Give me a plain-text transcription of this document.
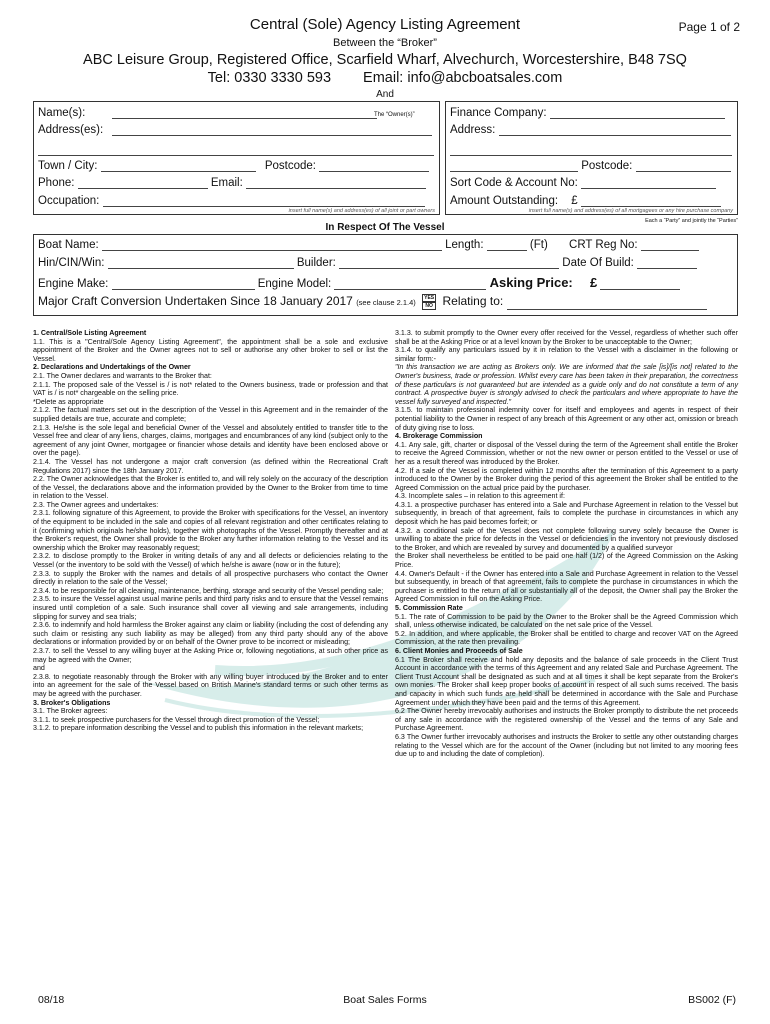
Central (Sole) Agency Listing Agreement	Page 1 of 2
Between the “Broker”
ABC Leisure Group, Registered Office, Scarfield Wharf, Alvechurch, Worcestershire, B48 7SQ
Tel: 0330 3330 593 Email: info@abcboatsales.com
And
Name(s):	The “Owner(s)”
Address(es):
Town / City:	Postcode:
Phone:	Email:
Occupation:
insert full name(s) and address(es) of all joint or part owners
Finance Company:
Address:
Postcode:
Sort Code & Account No:
Amount Outstanding: £
insert full name(s) and address(es) of all mortgagees or any hire purchase company
Each a “Party” and jointly the “Parties”
In Respect Of The Vessel
Boat Name:	Length:	(Ft) CRT Reg No:
Hin/CIN/Win:	Builder:	Date Of Build:
Engine Make:	Engine Model:	Asking Price: £
Major Craft Conversion Undertaken Since 18 January 2017 (see clause 2.1.4)
YES
NO Relating to:
1. Central/Sole Listing Agreement
1.1. This is a "Central/Sole Agency Listing Agreement", the appointment shall be a sole and exclusive appointment of the Broker and the Owner agrees not to sell or authorise any other broker to sell or list the Vessel.
2. Declarations and Undertakings of the Owner
2.1. The Owner declares and warrants to the Broker that:
2.1.1. The proposed sale of the Vessel is / is not* related to the Owners business, trade or profession and that VAT is / is not* chargeable on the selling price.
*Delete as appropriate
2.1.2. The factual matters set out in the description of the Vessel in this Agreement and in the remainder of the supplied details are true, accurate and complete;
2.1.3. He/she is the sole legal and beneficial Owner of the Vessel and absolutely entitled to transfer title to the Vessel free and clear of any liens, charges, claims, mortgages and encumbrances of any kind (subject only to the agreement of any joint Owner, mortgagee or financier whose details and identity have been enclosed above or over the page).
2.1.4. The Vessel has not undergone a major craft conversion (as defined within the Recreational Craft Regulations 2017) since the 18th January 2017.
2.2. The Owner acknowledges that the Broker is entitled to, and will rely solely on the accuracy of the description of the Vessel, the declarations above and the information provided by the Owner to the Broker from time to time in relation to the Vessel.
2.3. The Owner agrees and undertakes:
2.3.1. following signature of this Agreement, to provide the Broker with specifications for the Vessel, an inventory of the equipment to be included in the sale and copies of all relevant registration and other certificates relating to it (confirming which originals he/she holds), together with photographs of the Vessel. Promptly thereafter and at the Broker's request, the Owner shall provide to the Broker any further information relating to the Vessel and its ownership which the Broker may reasonably request;
2.3.2. to disclose promptly to the Broker in writing details of any and all defects or deficiencies relating to the Vessel (or the inventory to be sold with the Vessel) of which he/she is aware (now or in the future);
2.3.3. to supply the Broker with the names and details of all prospective purchasers who contact the Owner directly in relation to the sale of the Vessel;
2.3.4. to be responsible for all cleaning, maintenance, berthing, storage and security of the Vessel pending sale;
2.3.5. to insure the Vessel against usual marine perils and third party risks and to ensure that the Vessel remains insured until completion of a sale. Such insurance shall cover all viewing and sale arrangements, including slipping for survey and sea trials;
2.3.6. to indemnify and hold harmless the Broker against any claim or liability (including the cost of defending any such claim or resisting any such liability as may be alleged) from any third party should any of the above declarations or information provided by or on behalf of the Owner prove to be incorrect or misleading;
2.3.7. to sell the Vessel to any willing buyer at the Asking Price or, following negotiations, at such other price as may be agreed with the Owner;
and
2.3.8. to negotiate reasonably through the Broker with any willing buyer introduced by the Broker and to enter into an agreement for the sale of the Vessel based on British Marine's standard terms or such other terms as may be agreed with the purchaser.
3. Broker's Obligations
3.1. The Broker agrees:
3.1.1. to seek prospective purchasers for the Vessel through direct promotion of the Vessel;
3.1.2. to prepare information describing the Vessel and to publish this information in the relevant markets;
3.1.3. to submit promptly to the Owner every offer received for the Vessel, regardless of whether such offer shall be at the Asking Price or at a level known by the Broker to be unacceptable to the Owner;
3.1.4. to qualify any particulars issued by it in relation to the Vessel with a disclaimer in the following or similar form:-
"In this transaction we are acting as Brokers only. We are informed that the sale [is]/[is not] related to the Owner's business, trade or profession. Whilst every care has been taken in their preparation, the correctness of these particulars is not guaranteed but are intended as a guide only and do not constitute a term of any contract. A prospective buyer is strongly advised to check the particulars and where appropriate to have the vessel fully surveyed and inspected."
3.1.5. to maintain professional indemnity cover for itself and employees and agents in respect of their potential liability to the Owner in respect of any breach of this Agreement or any other act, omission or breach of duty giving rise to loss.
4. Brokerage Commission
4.1. Any sale, gift, charter or disposal of the Vessel during the term of the Agreement shall entitle the Broker to receive the Agreed Commission, whether or not the new owner or person entitled to the Vessel or use of her as a result thereof was introduced by the Broker.
4.2. If a sale of the Vessel is completed within 12 months after the termination of this Agreement to a party introduced to the Owner by the Broker during the period of this agreement the Broker shall be entitled to the Agreed Commission on the actual price paid by the purchaser.
4.3. Incomplete sales – in relation to this agreement if:
4.3.1. a prospective purchaser has entered into a Sale and Purchase Agreement in relation to the Vessel but subsequently, in breach of that agreement, fails to complete the purchase in circumstances in which any deposit which he has paid becomes forfeit; or
4.3.2. a conditional sale of the Vessel does not complete following survey solely because the Owner is unwilling to abate the price for defects in the Vessel or deficiencies in the inventory not previously disclosed to the Broker, and which are revealed by survey and documented by a qualified surveyor
the Broker shall nevertheless be entitled to be paid one half (1/2) of the Agreed Commission on the Asking Price.
4.4. Owner's Default - if the Owner has entered into a Sale and Purchase Agreement in relation to the Vessel but subsequently, in breach of that agreement, fails to complete the purchase in circumstances in which the purchaser is entitled to the return of all or substantially all of the deposit, the Owner shall pay the Broker the Agreed Commission in full on the Asking Price.
5. Commission Rate
5.1. The rate of Commission to be paid by the Owner to the Broker shall be the Agreed Commission which shall, unless otherwise indicated, be calculated on the net sale price of the Vessel.
5.2. In addition, and where applicable, the Broker shall be entitled to charge and recover VAT on the Agreed Commission, at the rate then prevailing.
6. Client Monies and Proceeds of Sale
6.1 The Broker shall receive and hold any deposits and the balance of sale proceeds in the Client Trust Account in accordance with the terms of this Agreement and any related Sale and Purchase Agreement. The Client Trust Account shall be designated as such and at all times it shall be kept separate from the Broker's own monies. The Broker shall keep proper books of account in respect of all such sums received. The basis and capacity in which such funds are held shall be determined in accordance with the Sale and Purchase Agreement under which they have been paid and the terms of this Agreement.
6.2 The Owner hereby irrevocably authorises and instructs the Broker promptly to distribute the net proceeds of any sale in accordance with the registered ownership of the Vessel and the terms of any Sale and Purchase Agreement.
6.3 The Owner further irrevocably authorises and instructs the Broker to settle any other outstanding charges relating to the Vessel which are for the account of the Owner (including but not limited to any mooring fees due up to and including the date of completion).
08/18	Boat Sales Forms	BS002 (F)
